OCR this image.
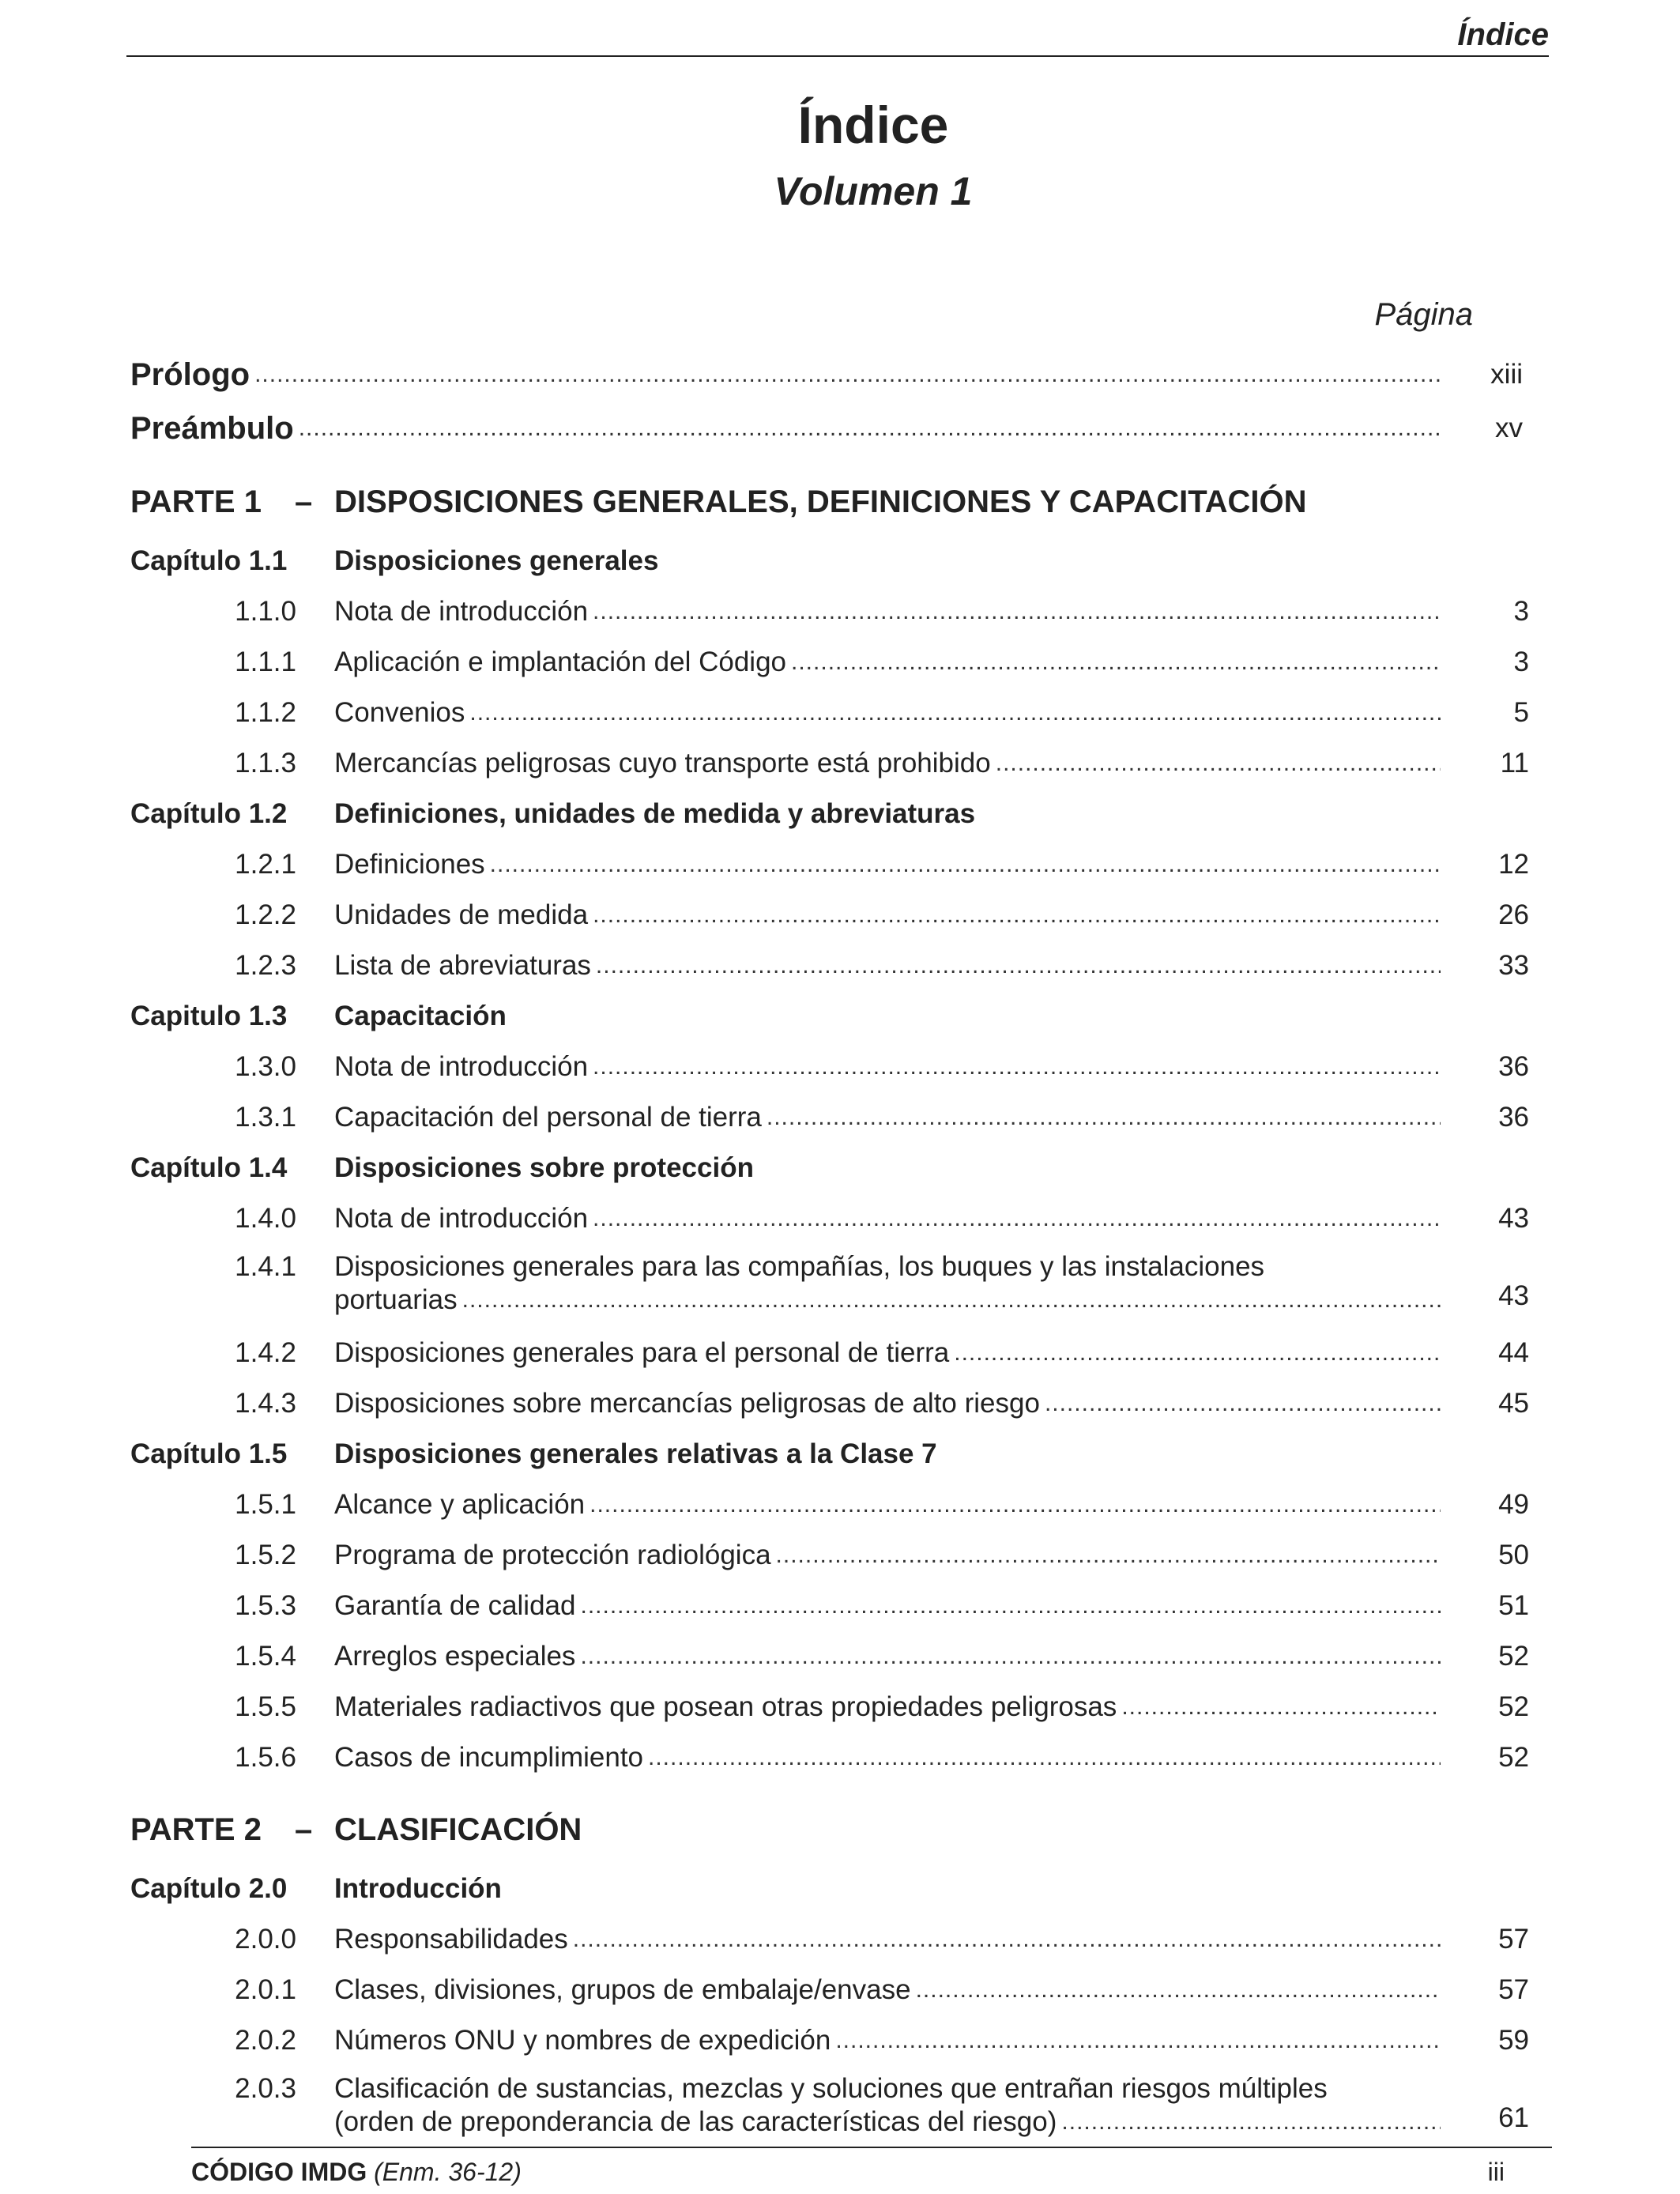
Índice
Índice
Volumen 1
Página
Prólogo .....	xiii
Preámbulo .....	xv
PARTE 1 – DISPOSICIONES GENERALES, DEFINICIONES Y CAPACITACIÓN
Capítulo 1.1 Disposiciones generales
1.1.0	Nota de introducción .....	3
1.1.1	Aplicación e implantación del Código .....	3
1.1.2	Convenios .....	5
1.1.3	Mercancías peligrosas cuyo transporte está prohibido .....	11
Capítulo 1.2 Definiciones, unidades de medida y abreviaturas
1.2.1	Definiciones .....	12
1.2.2	Unidades de medida .....	26
1.2.3	Lista de abreviaturas .....	33
Capitulo 1.3 Capacitación
1.3.0	Nota de introducción .....	36
1.3.1	Capacitación del personal de tierra .....	36
Capítulo 1.4 Disposiciones sobre protección
1.4.0	Nota de introducción .....	43
1.4.1	Disposiciones generales para las compañías, los buques y las instalaciones
portuarias .....	43
1.4.2	Disposiciones generales para el personal de tierra .....	44
1.4.3	Disposiciones sobre mercancías peligrosas de alto riesgo .....	45
Capítulo 1.5 Disposiciones generales relativas a la Clase 7
1.5.1	Alcance y aplicación .....	49
1.5.2	Programa de protección radiológica .....	50
1.5.3	Garantía de calidad .....	51
1.5.4	Arreglos especiales .....	52
1.5.5	Materiales radiactivos que posean otras propiedades peligrosas .....	52
1.5.6	Casos de incumplimiento .....	52
PARTE 2 – CLASIFICACIÓN
Capítulo 2.0 Introducción
2.0.0	Responsabilidades .....	57
2.0.1	Clases, divisiones, grupos de embalaje/envase .....	57
2.0.2	Números ONU y nombres de expedición .....	59
2.0.3	Clasificación de sustancias, mezclas y soluciones que entrañan riesgos múltiples
(orden de preponderancia de las características del riesgo) .....	61
CÓDIGO IMDG (Enm. 36-12)	iii
